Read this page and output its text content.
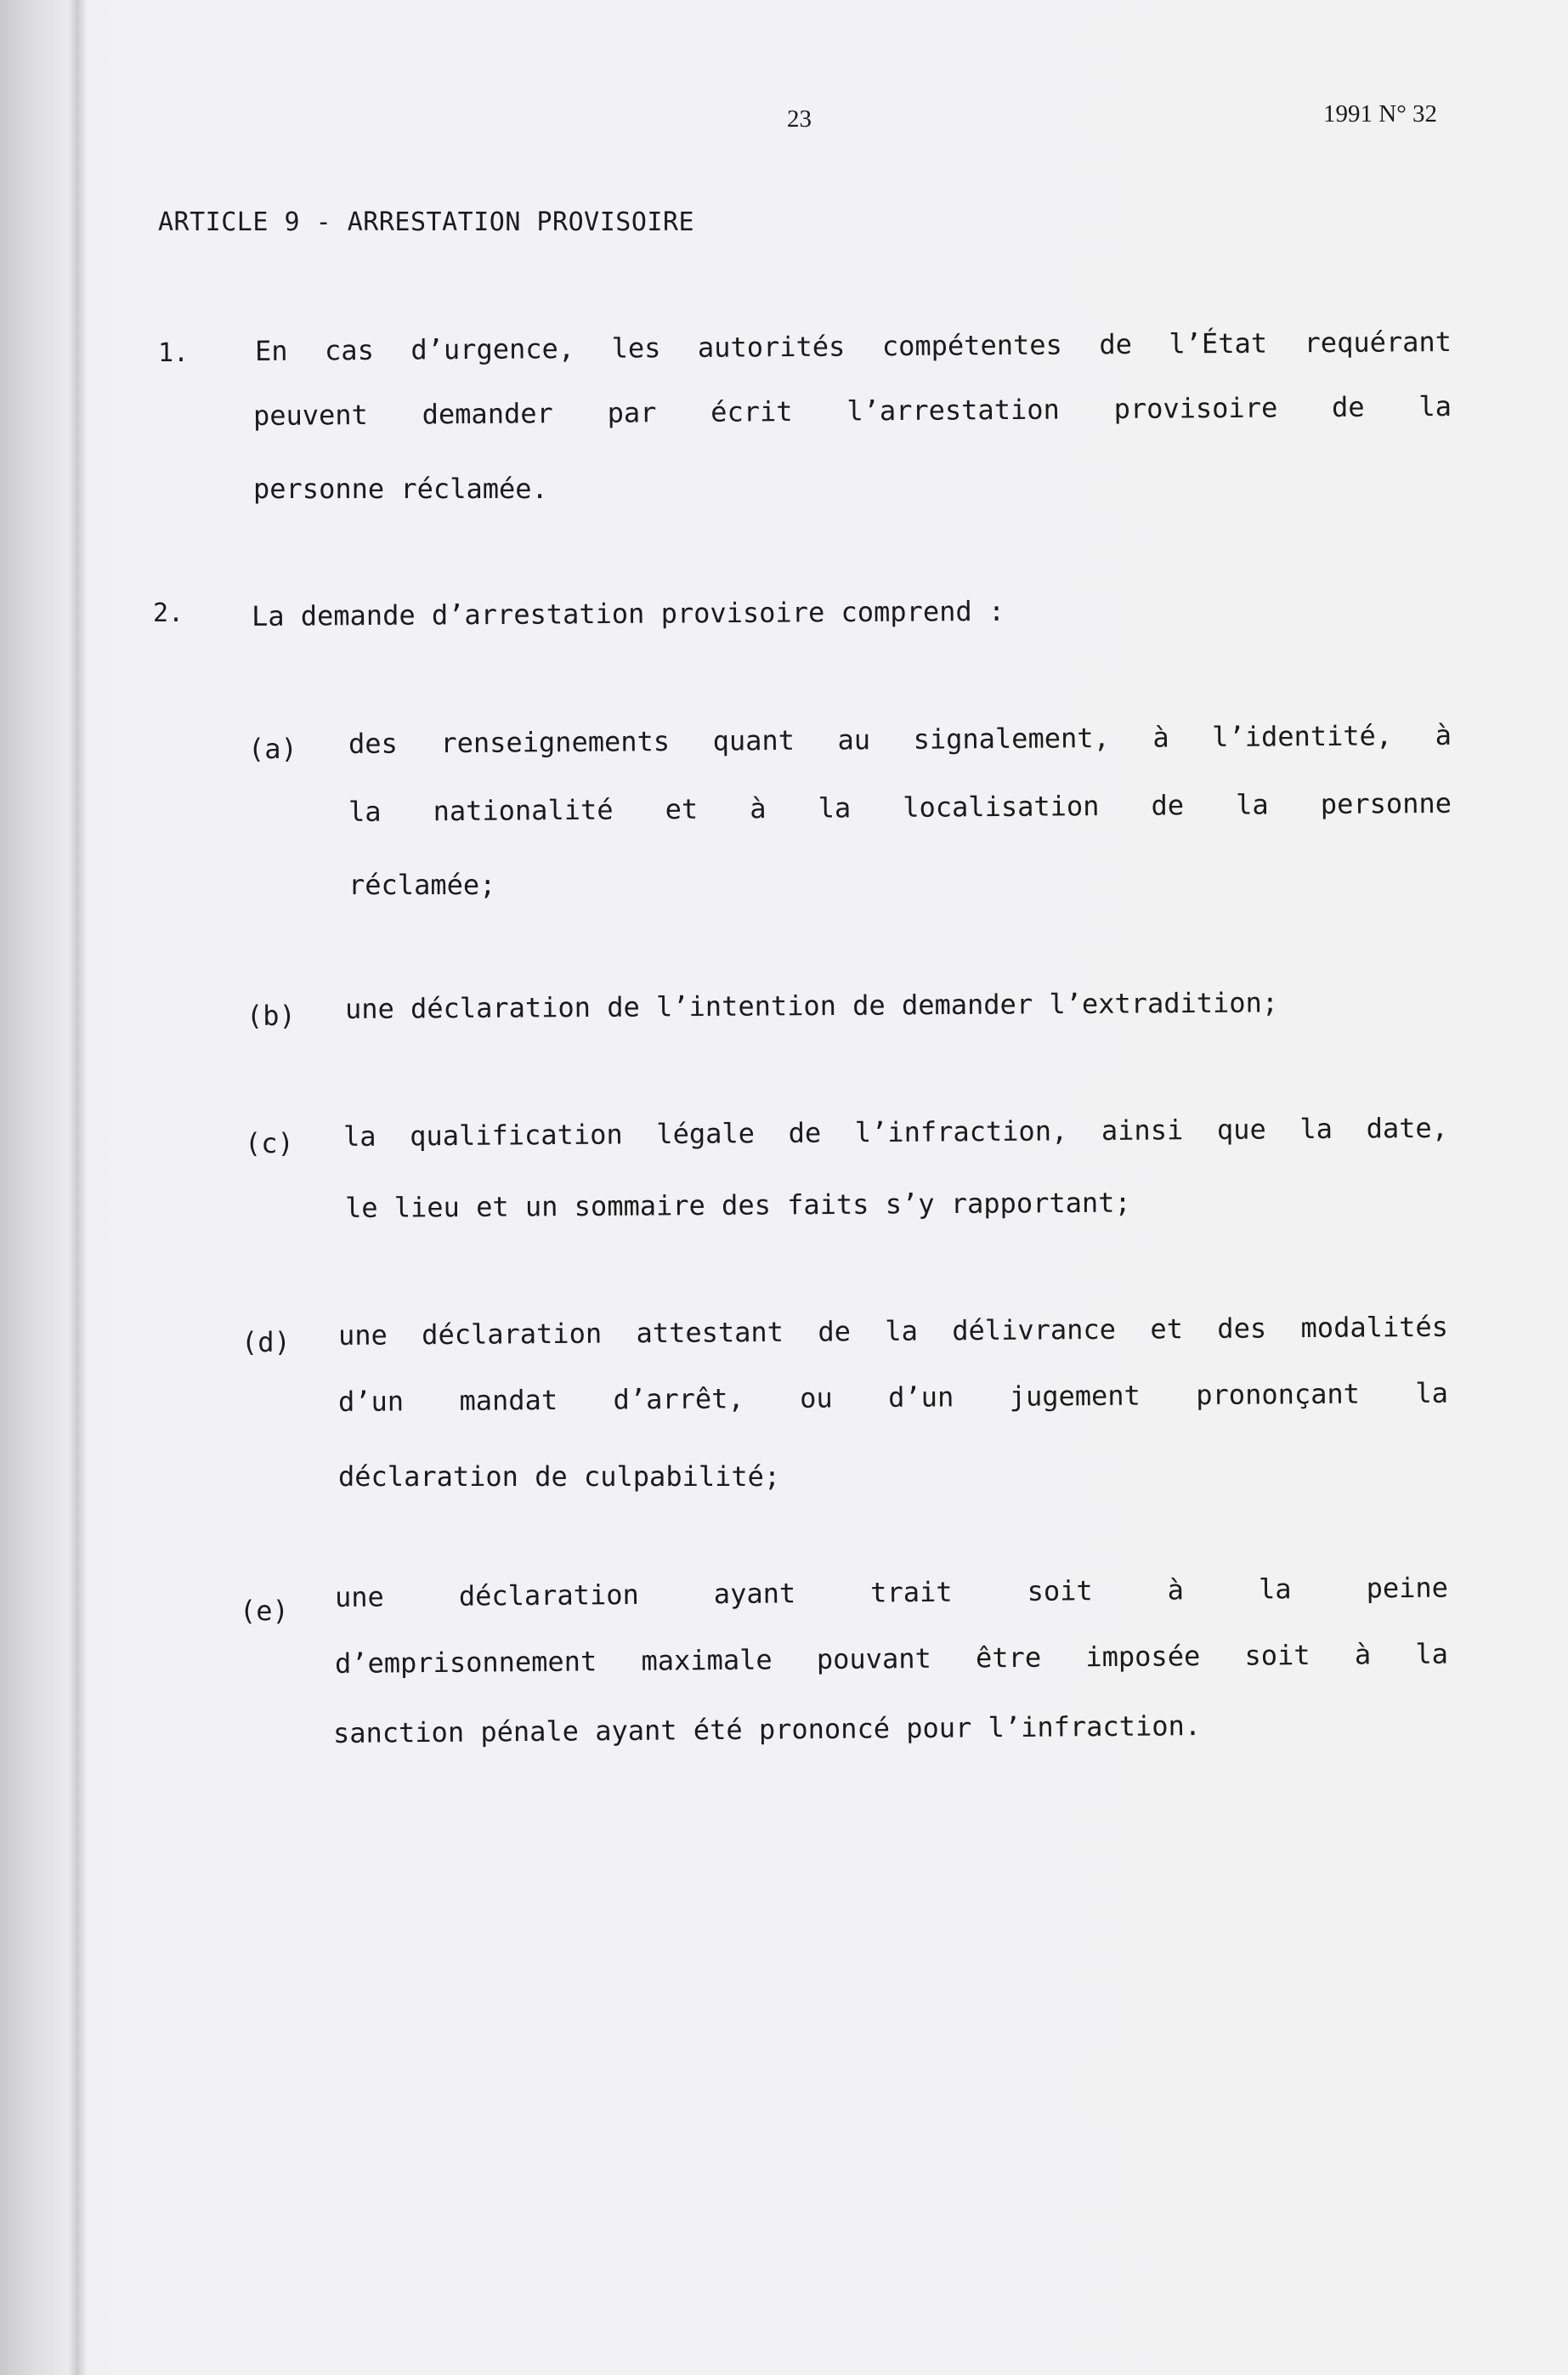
23	1991 N° 32
ARTICLE 9 - ARRESTATION PROVISOIRE
1. En cas d’urgence, les autorités compétentes de l’État requérant
peuvent demander par écrit l’arrestation provisoire de la
personne réclamée.
2. La demande d’arrestation provisoire comprend :
(a) des renseignements quant au signalement, à l’identité, à
la nationalité et à la localisation de la personne
réclamée;
(b) une déclaration de l’intention de demander l’extradition;
(c) la qualification légale de l’infraction, ainsi que la date,
le lieu et un sommaire des faits s’y rapportant;
(d) une déclaration attestant de la délivrance et des modalités
d’un mandat d’arrêt, ou d’un jugement prononçant la
déclaration de culpabilité;
(e) une déclaration ayant trait soit à la peine
d’emprisonnement maximale pouvant être imposée soit à la
sanction pénale ayant été prononcé pour l’infraction.
